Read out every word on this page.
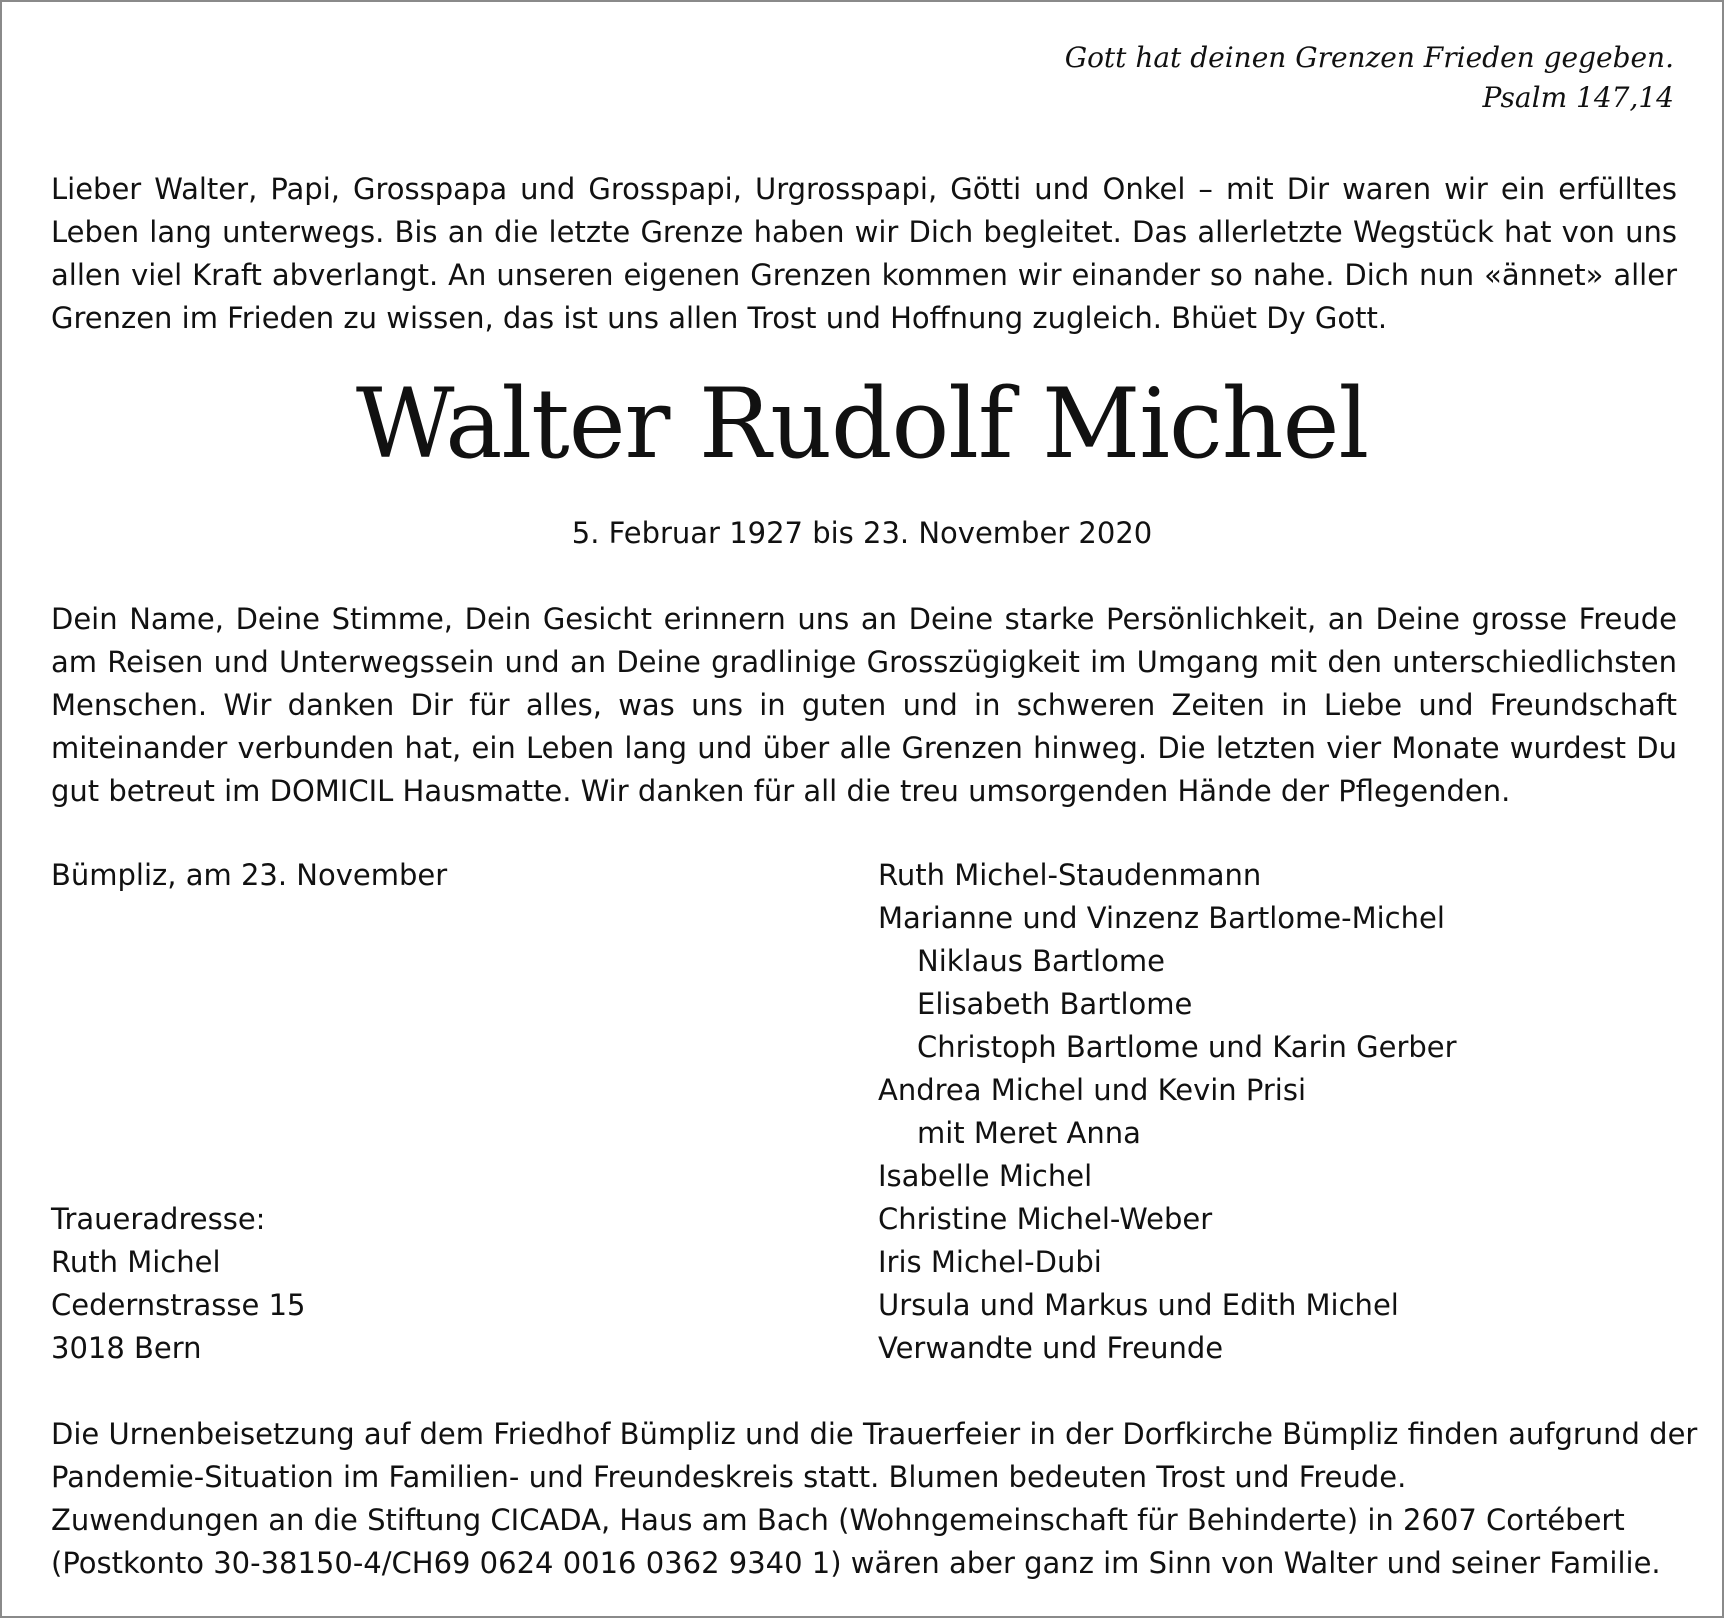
Gott hat deinen Grenzen Frieden gegeben.
Psalm 147,14
Lieber Walter, Papi, Grosspapa und Grosspapi, Urgrosspapi, Götti und Onkel – mit Dir waren wir ein erfülltes Leben lang unterwegs. Bis an die letzte Grenze haben wir Dich begleitet. Das allerletzte Wegstück hat von uns allen viel Kraft abverlangt. An unseren eigenen Grenzen kommen wir einander so nahe. Dich nun «ännet» aller Grenzen im Frieden zu wissen, das ist uns allen Trost und Hoffnung zugleich. Bhüet Dy Gott.
Walter Rudolf Michel
5. Februar 1927 bis 23. November 2020
Dein Name, Deine Stimme, Dein Gesicht erinnern uns an Deine starke Persönlichkeit, an Deine grosse Freude am Reisen und Unterwegssein und an Deine gradlinige Grosszügigkeit im Umgang mit den unterschiedlichsten Menschen. Wir danken Dir für alles, was uns in guten und in schweren Zeiten in Liebe und Freundschaft miteinander verbunden hat, ein Leben lang und über alle Grenzen hinweg. Die letzten vier Monate wurdest Du gut betreut im DOMICIL Hausmatte. Wir danken für all die treu umsorgenden Hände der Pflegenden.
Bümpliz, am 23. November
Traueradresse:
Ruth Michel
Cedernstrasse 15
3018 Bern
Ruth Michel-Staudenmann
Marianne und Vinzenz Bartlome-Michel
Niklaus Bartlome
Elisabeth Bartlome
Christoph Bartlome und Karin Gerber
Andrea Michel und Kevin Prisi
mit Meret Anna
Isabelle Michel
Christine Michel-Weber
Iris Michel-Dubi
Ursula und Markus und Edith Michel
Verwandte und Freunde
Die Urnenbeisetzung auf dem Friedhof Bümpliz und die Trauerfeier in der Dorfkirche Bümpliz finden aufgrund der
Pandemie-Situation im Familien- und Freundeskreis statt. Blumen bedeuten Trost und Freude.
Zuwendungen an die Stiftung CICADA, Haus am Bach (Wohngemeinschaft für Behinderte) in 2607 Cortébert
(Postkonto 30-38150-4/CH69 0624 0016 0362 9340 1) wären aber ganz im Sinn von Walter und seiner Familie.
